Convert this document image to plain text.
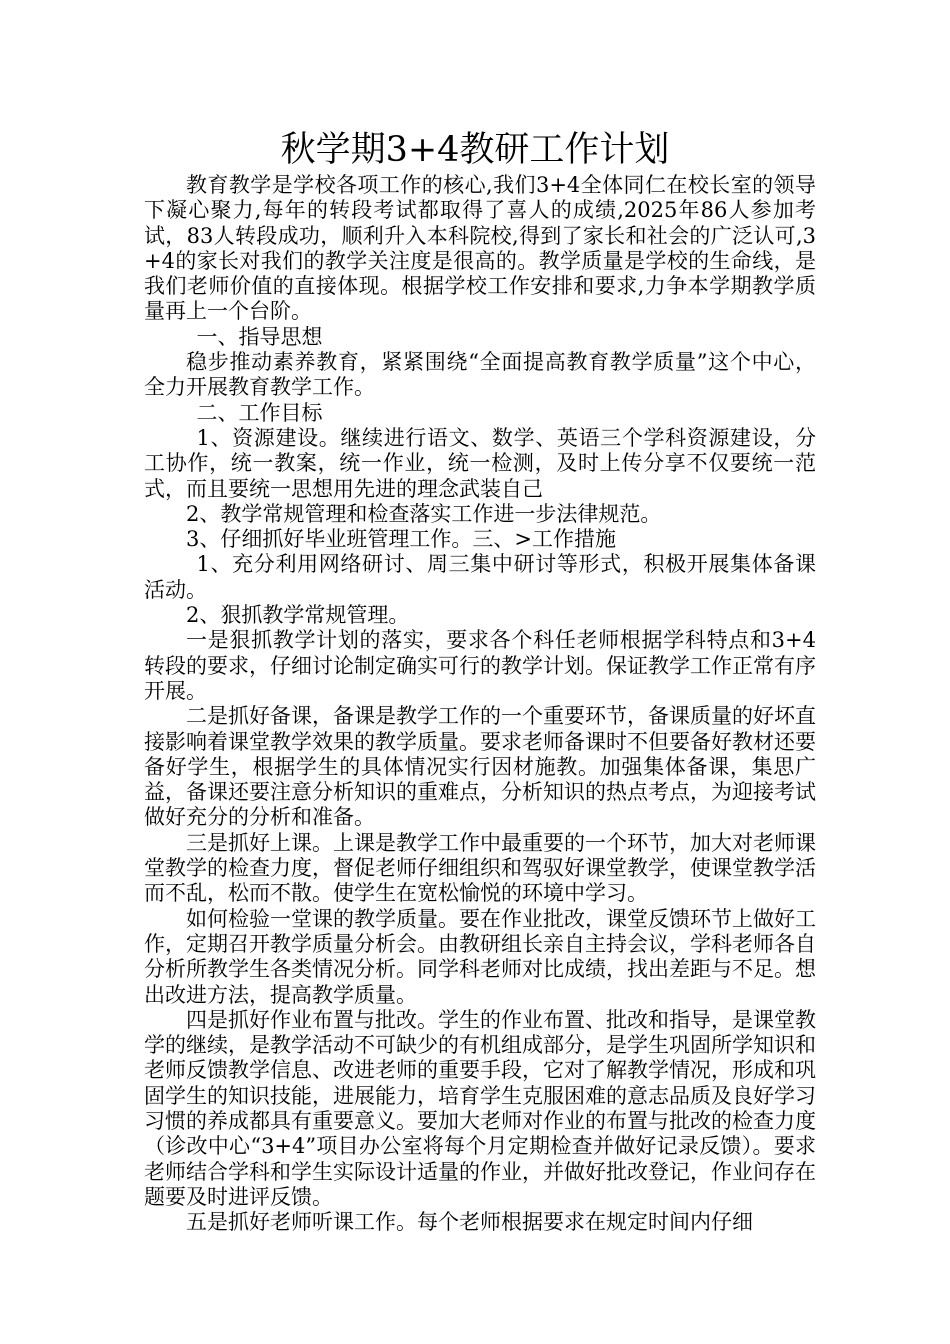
秋学期3+4教研工作计划

教育教学是学校各项工作的核心,我们3+4全体同仁在校长室的领导下凝心聚力,每年的转段考试都取得了喜人的成绩,2025年86人参加考试，83人转段成功，顺利升入本科院校,得到了家长和社会的广泛认可,3+4的家长对我们的教学关注度是很高的。教学质量是学校的生命线，是我们老师价值的直接体现。根据学校工作安排和要求,力争本学期教学质量再上一个台阶。

一、指导思想

稳步推动素养教育，紧紧围绕“全面提高教育教学质量”这个中心，全力开展教育教学工作。

二、工作目标

1、资源建设。继续进行语文、数学、英语三个学科资源建设，分工协作，统一教案，统一作业，统一检测，及时上传分享不仅要统一范式，而且要统一思想用先进的理念武装自己

2、教学常规管理和检查落实工作进一步法律规范。

3、仔细抓好毕业班管理工作。三、>工作措施

1、充分利用网络研讨、周三集中研讨等形式，积极开展集体备课活动。

2、狠抓教学常规管理。

一是狠抓教学计划的落实，要求各个科任老师根据学科特点和3+4转段的要求，仔细讨论制定确实可行的教学计划。保证教学工作正常有序开展。

二是抓好备课，备课是教学工作的一个重要环节，备课质量的好坏直接影响着课堂教学效果的教学质量。要求老师备课时不但要备好教材还要备好学生，根据学生的具体情况实行因材施教。加强集体备课，集思广益，备课还要注意分析知识的重难点，分析知识的热点考点，为迎接考试做好充分的分析和准备。

三是抓好上课。上课是教学工作中最重要的一个环节，加大对老师课堂教学的检查力度，督促老师仔细组织和驾驭好课堂教学，使课堂教学活而不乱，松而不散。使学生在宽松愉悦的环境中学习。

如何检验一堂课的教学质量。要在作业批改，课堂反馈环节上做好工作，定期召开教学质量分析会。由教研组长亲自主持会议，学科老师各自分析所教学生各类情况分析。同学科老师对比成绩，找出差距与不足。想出改进方法，提高教学质量。

四是抓好作业布置与批改。学生的作业布置、批改和指导，是课堂教学的继续，是教学活动不可缺少的有机组成部分，是学生巩固所学知识和老师反馈教学信息、改进老师的重要手段，它对了解教学情况，形成和巩固学生的知识技能，进展能力，培育学生克服困难的意志品质及良好学习习惯的养成都具有重要意义。要加大老师对作业的布置与批改的检查力度（诊改中心“3+4”项目办公室将每个月定期检查并做好记录反馈）。要求老师结合学科和学生实际设计适量的作业，并做好批改登记，作业问存在题要及时进评反馈。

五是抓好老师听课工作。每个老师根据要求在规定时间内仔细
